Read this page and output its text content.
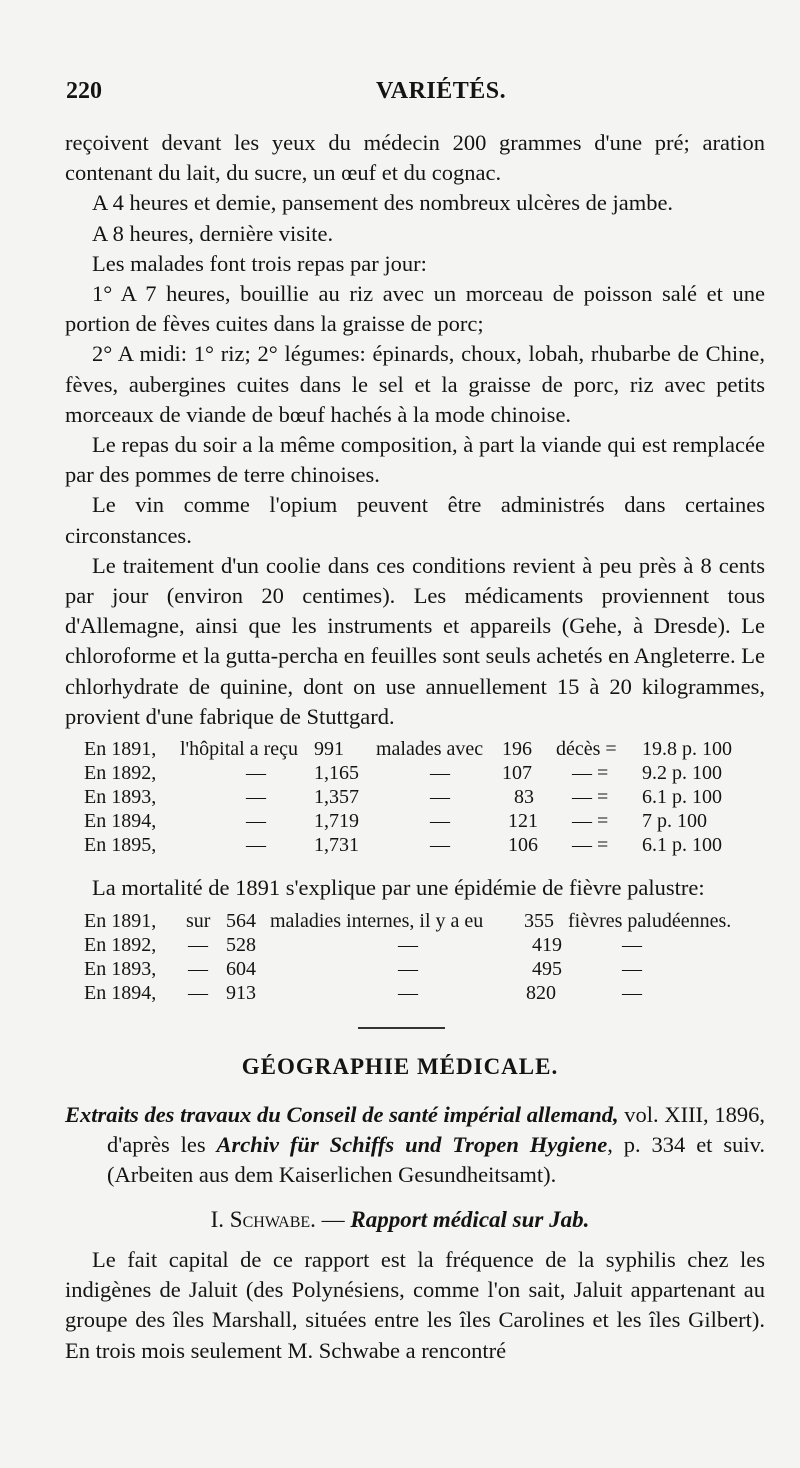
220	VARIÉTÉS.

reçoivent devant les yeux du médecin 200 grammes d'une pré; aration contenant du lait, du sucre, un œuf et du cognac.

A 4 heures et demie, pansement des nombreux ulcères de jambe.

A 8 heures, dernière visite.

Les malades font trois repas par jour:

1° A 7 heures, bouillie au riz avec un morceau de poisson salé et une portion de fèves cuites dans la graisse de porc;

2° A midi: 1° riz; 2° légumes: épinards, choux, lobah, rhubarbe de Chine, fèves, aubergines cuites dans le sel et la graisse de porc, riz avec petits morceaux de viande de bœuf hachés à la mode chinoise.

Le repas du soir a la même composition, à part la viande qui est remplacée par des pommes de terre chinoises.

Le vin comme l'opium peuvent être administrés dans certaines circonstances.

Le traitement d'un coolie dans ces conditions revient à peu près à 8 cents par jour (environ 20 centimes). Les médicaments proviennent tous d'Allemagne, ainsi que les instruments et appareils (Gehe, à Dresde). Le chloroforme et la gutta-percha en feuilles sont seuls achetés en Angleterre. Le chlorhydrate de quinine, dont on use annuellement 15 à 20 kilogrammes, provient d'une fabrique de Stuttgard.

En 1891, l'hôpital a reçu 991 malades avec 196 décès = 19.8 p. 100
En 1892,	— 1,165	—	107 — = 9.2 p. 100
En 1893,	— 1,357	—	83 — = 6.1 p. 100
En 1894,	— 1,719	—	121 — = 7 p. 100
En 1895,	— 1,731	—	106 — = 6.1 p. 100

La mortalité de 1891 s'explique par une épidémie de fièvre palustre:

En 1891, sur 564 maladies internes, il y a eu 355 fièvres paludéennes.
En 1892, — 528	—	419	—
En 1893, — 604	—	495	—
En 1894, — 913	—	820	—
GÉOGRAPHIE MÉDICALE.

Extraits des travaux du Conseil de santé impérial allemand, vol. XIII, 1896, d'après les Archiv für Schiffs und Tropen Hygiene, p. 334 et suiv. (Arbeiten aus dem Kaiserlichen Gesundheitsamt).

I. Schwabe. — Rapport médical sur Jab.

Le fait capital de ce rapport est la fréquence de la syphilis chez les indigènes de Jaluit (des Polynésiens, comme l'on sait, Jaluit appartenant au groupe des îles Marshall, situées entre les îles Carolines et les îles Gilbert). En trois mois seulement M. Schwabe a rencontré
